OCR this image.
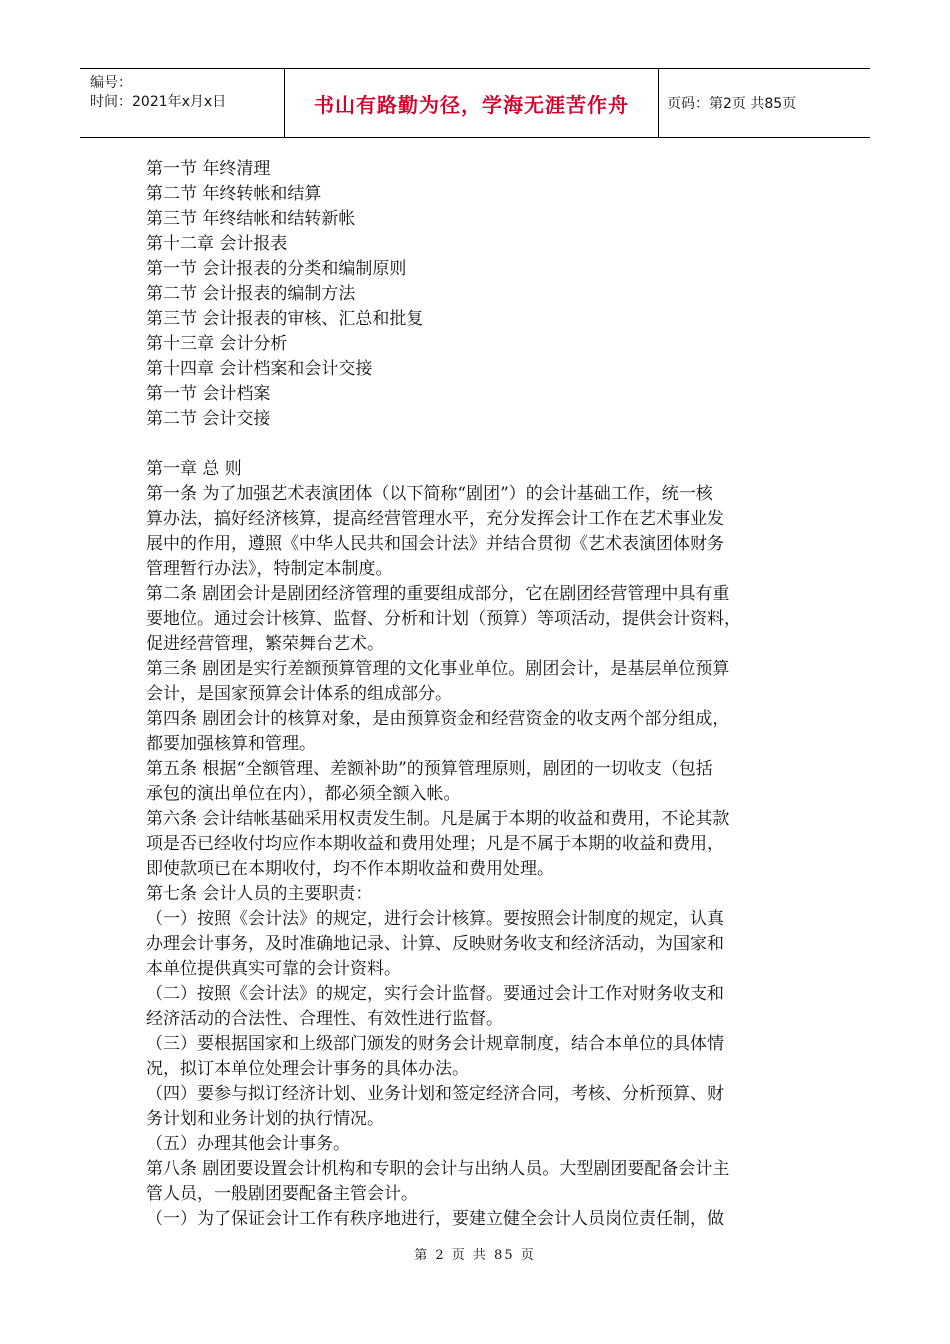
编号：
时间：2021年x月x日	书山有路勤为径，学海无涯苦作舟	页码：第2页 共85页
第一节 年终清理
第二节 年终转帐和结算
第三节 年终结帐和结转新帐
第十二章 会计报表
第一节 会计报表的分类和编制原则
第二节 会计报表的编制方法
第三节 会计报表的审核、汇总和批复
第十三章 会计分析
第十四章 会计档案和会计交接
第一节 会计档案
第二节 会计交接
第一章 总 则
第一条 为了加强艺术表演团体（以下简称“剧团”）的会计基础工作，统一核
算办法，搞好经济核算，提高经营管理水平，充分发挥会计工作在艺术事业发
展中的作用，遵照《中华人民共和国会计法》并结合贯彻《艺术表演团体财务
管理暂行办法》，特制定本制度。
第二条 剧团会计是剧团经济管理的重要组成部分，它在剧团经营管理中具有重
要地位。通过会计核算、监督、分析和计划（预算）等项活动，提供会计资料，
促进经营管理，繁荣舞台艺术。
第三条 剧团是实行差额预算管理的文化事业单位。剧团会计，是基层单位预算
会计，是国家预算会计体系的组成部分。
第四条 剧团会计的核算对象，是由预算资金和经营资金的收支两个部分组成，
都要加强核算和管理。
第五条 根据“全额管理、差额补助”的预算管理原则，剧团的一切收支（包括
承包的演出单位在内），都必须全额入帐。
第六条 会计结帐基础采用权责发生制。凡是属于本期的收益和费用，不论其款
项是否已经收付均应作本期收益和费用处理；凡是不属于本期的收益和费用，
即使款项已在本期收付，均不作本期收益和费用处理。
第七条 会计人员的主要职责：
（一）按照《会计法》的规定，进行会计核算。要按照会计制度的规定，认真
办理会计事务，及时准确地记录、计算、反映财务收支和经济活动，为国家和
本单位提供真实可靠的会计资料。
（二）按照《会计法》的规定，实行会计监督。要通过会计工作对财务收支和
经济活动的合法性、合理性、有效性进行监督。
（三）要根据国家和上级部门颁发的财务会计规章制度，结合本单位的具体情
况，拟订本单位处理会计事务的具体办法。
（四）要参与拟订经济计划、业务计划和签定经济合同，考核、分析预算、财
务计划和业务计划的执行情况。
（五）办理其他会计事务。
第八条 剧团要设置会计机构和专职的会计与出纳人员。大型剧团要配备会计主
管人员，一般剧团要配备主管会计。
（一）为了保证会计工作有秩序地进行，要建立健全会计人员岗位责任制，做
第 2 页 共 85 页
